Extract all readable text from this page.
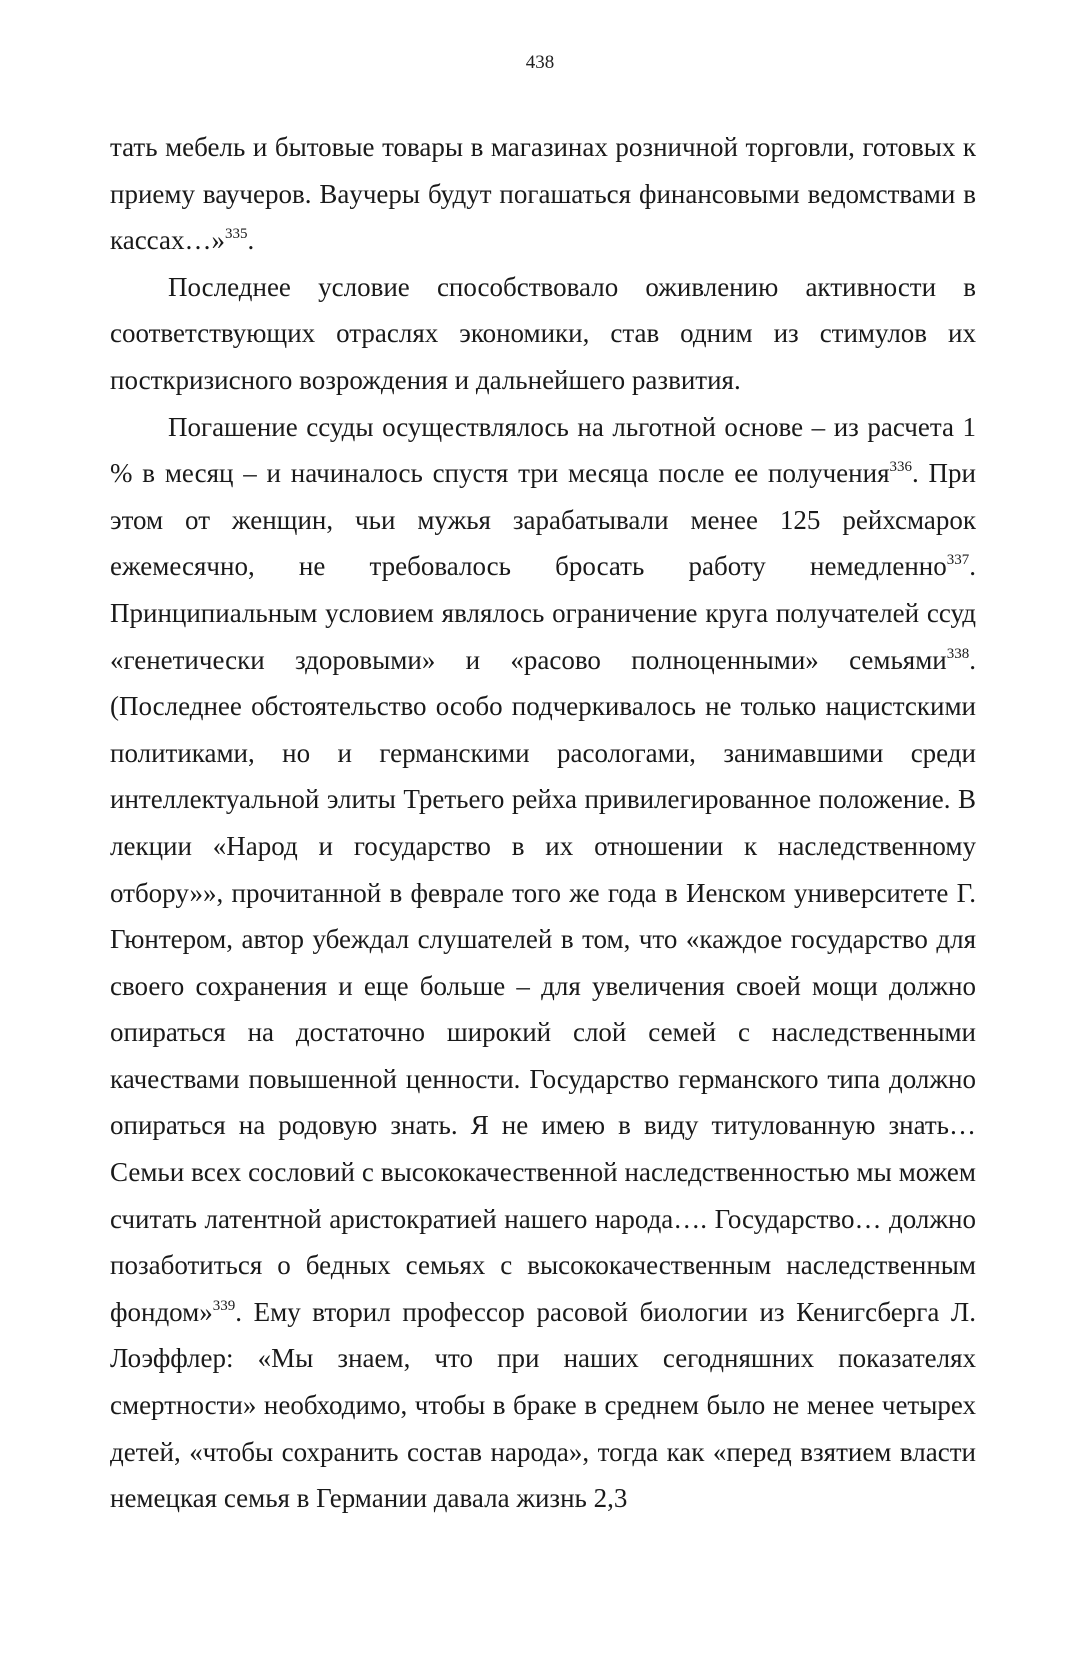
438

тать мебель и бытовые товары в магазинах розничной торговли, готовых к приему ваучеров. Вaучеры будут погашаться финансовыми ведомствами в кассах…»$^{335}$.

Последнее условие способствовало оживлению активности в соответствующих отраслях экономики, став одним из стимулов их посткризисного возрождения и дальнейшего развития.

Погашение ссуды осуществлялось на льготной основе – из расчета 1 % в месяц – и начиналось спустя три месяца после ее получения$^{336}$. При этом от женщин, чьи мужья зарабатывали менее 125 рейхсмарок ежемесячно, не требовалось бросать работу немедленно$^{337}$. Принципиальным условием являлось ограничение круга получателей ссуд «генетически здоровыми» и «расово полноценными» семьями$^{338}$. (Последнее обстоятельство особо подчеркивалось не только нацистскими политиками, но и германскими расологами, занимавшими среди интеллектуальной элиты Третьего рейха привилегированное положение. В лекции «Народ и государство в их отношении к наследственному отбору»», прочитанной в феврале того же года в Иенском университете Г. Гюнтером, автор убеждал слушателей в том, что «каждое государство для своего сохранения и еще больше – для увеличения своей мощи должно опираться на достаточно широкий слой семей с наследственными качествами повышенной ценности. Государство германского типа должно опираться на родовую знать. Я не имею в виду титулованную знать… Семьи всех сословий с высококачественной наследственностью мы можем считать латентной аристократией нашего народа…. Государство… должно позаботиться о бедных семьях с высококачественным наследственным фондом»$^{339}$. Ему вторил профессор расовой биологии из Кенигсберга Л. Лоэффлер: «Мы знаем, что при наших сегодняшних показателях смертности» необходимо, чтобы в браке в среднем было не менее четырех детей, «чтобы сохранить состав народа», тогда как «перед взятием власти немецкая семья в Германии давала жизнь 2,3
